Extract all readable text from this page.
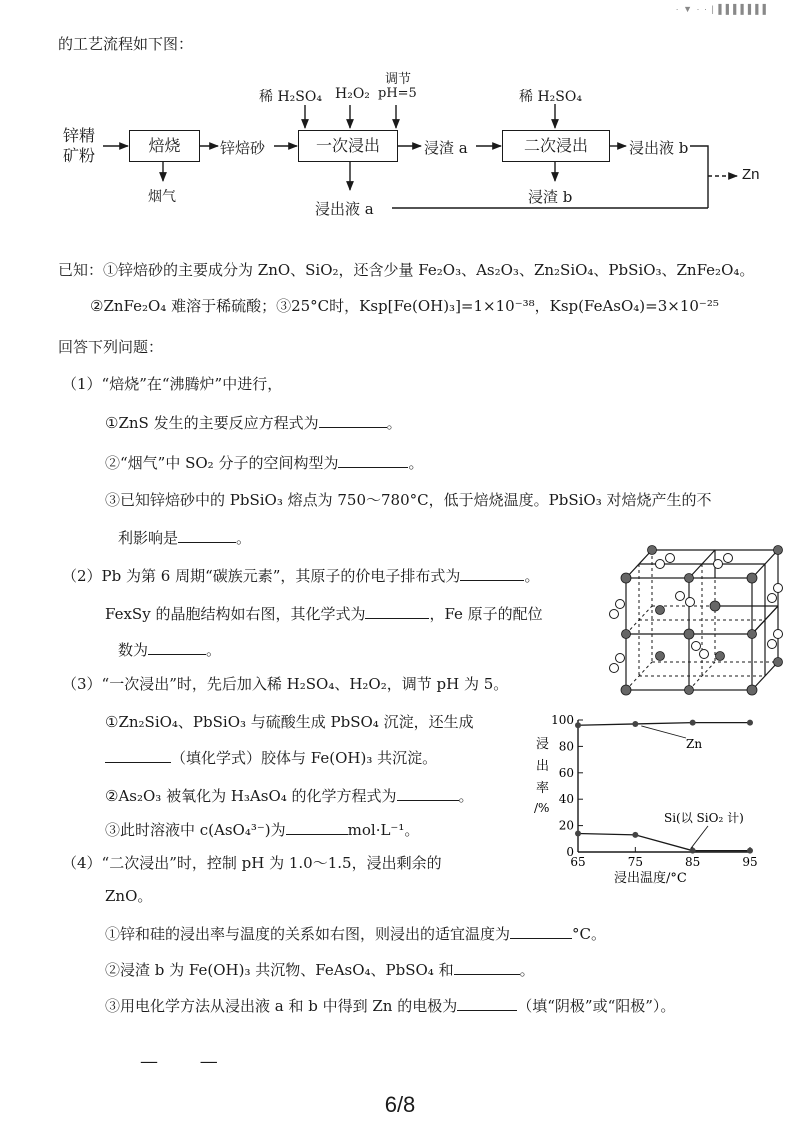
· ▼ · · | ▌▌▌▌▌▌▌
的工艺流程如下图：
锌精
矿粉
焙烧
烟气
锌焙砂
稀 H₂SO₄ H₂O₂
调节
pH=5
一次浸出	浸渣 a
浸出液 a
稀 H₂SO₄
二次浸出	浸出液 b
浸渣 b
Zn
已知：①锌焙砂的主要成分为 ZnO、SiO₂，还含少量 Fe₂O₃、As₂O₃、Zn₂SiO₄、PbSiO₃、ZnFe₂O₄。
②ZnFe₂O₄ 难溶于稀硫酸；③25°C时，Ksp[Fe(OH)₃]=1×10⁻³⁸，Ksp(FeAsO₄)=3×10⁻²⁵
回答下列问题：
（1）“焙烧”在“沸腾炉”中进行，
①ZnS 发生的主要反应方程式为	。
②“烟气”中 SO₂ 分子的空间构型为	。
③已知锌焙砂中的 PbSiO₃ 熔点为 750～780°C，低于焙烧温度。PbSiO₃ 对焙烧产生的不
利影响是	。
（2）Pb 为第 6 周期“碳族元素”，其原子的价电子排布式为	。
FexSy 的晶胞结构如右图，其化学式为	，Fe 原子的配位
数为	。
（3）“一次浸出”时，先后加入稀 H₂SO₄、H₂O₂，调节 pH 为 5。
①Zn₂SiO₄、PbSiO₃ 与硫酸生成 PbSO₄ 沉淀，还生成
（填化学式）胶体与 Fe(OH)₃ 共沉淀。
②As₂O₃ 被氧化为 H₃AsO₄ 的化学方程式为	。
③此时溶液中 c(AsO₄³⁻)为	mol·L⁻¹。
浸
出
率
/%
浸出温度/°C
Zn
Si(以 SiO₂ 计)
0
20
40
60
80
100
65	75	85	95
（4）“二次浸出”时，控制 pH 为 1.0～1.5，浸出剩余的
ZnO。
①锌和硅的浸出率与温度的关系如右图，则浸出的适宜温度为	°C。
②浸渣 b 为 Fe(OH)₃ 共沉物、FeAsO₄、PbSO₄ 和	。
③用电化学方法从浸出液 a 和 b 中得到 Zn 的电极为	（填“阴极”或“阳极”）。
— —
6/8
